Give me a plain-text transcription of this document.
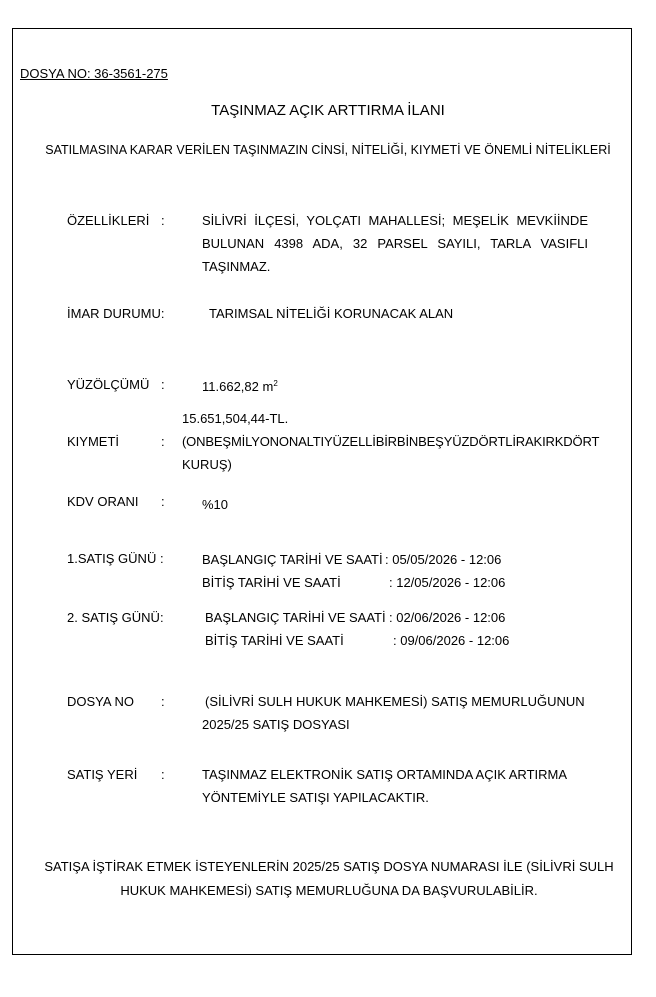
DOSYA NO: 36-3561-275
TAŞINMAZ AÇIK ARTTIRMA İLANI
SATILMASINA KARAR VERİLEN TAŞINMAZIN CİNSİ, NİTELİĞİ, KIYMETİ VE ÖNEMLİ NİTELİKLERİ
ÖZELLİKLERİ :	SİLİVRİ İLÇESİ, YOLÇATI MAHALLESİ; MEŞELİK MEVKİİNDE
BULUNAN 4398 ADA, 32 PARSEL SAYILI, TARLA VASIFLI
TAŞINMAZ.
İMAR DURUMU:	TARIMSAL NİTELİĞİ KORUNACAK ALAN
YÜZÖLÇÜMÜ :	11.662,82 $m^2$
15.651,504,44-TL.
KIYMETİ	: (ONBEŞMİLYONONALTIYÜZELLİBİRBİNBEŞYÜZDÖRTLİRAKIRKDÖRT
KURUŞ)
KDV ORANI :	%10
1.SATIŞ GÜNÜ :	BAŞLANGIÇ TARİHİ VE SAATİ : 05/05/2026 - 12:06
BİTİŞ TARİHİ VE SAATİ	: 12/05/2026 - 12:06
2. SATIŞ GÜNÜ:	BAŞLANGIÇ TARİHİ VE SAATİ : 02/06/2026 - 12:06
BİTİŞ TARİHİ VE SAATİ	: 09/06/2026 - 12:06
DOSYA NO :	(SİLİVRİ SULH HUKUK MAHKEMESİ) SATIŞ MEMURLUĞUNUN
2025/25 SATIŞ DOSYASI
SATIŞ YERİ :	TAŞINMAZ ELEKTRONİK SATIŞ ORTAMINDA AÇIK ARTIRMA
YÖNTEMİYLE SATIŞI YAPILACAKTIR.
SATIŞA İŞTİRAK ETMEK İSTEYENLERİN 2025/25 SATIŞ DOSYA NUMARASI İLE (SİLİVRİ SULH HUKUK MAHKEMESİ) SATIŞ MEMURLUĞUNA DA BAŞVURULABİLİR.
